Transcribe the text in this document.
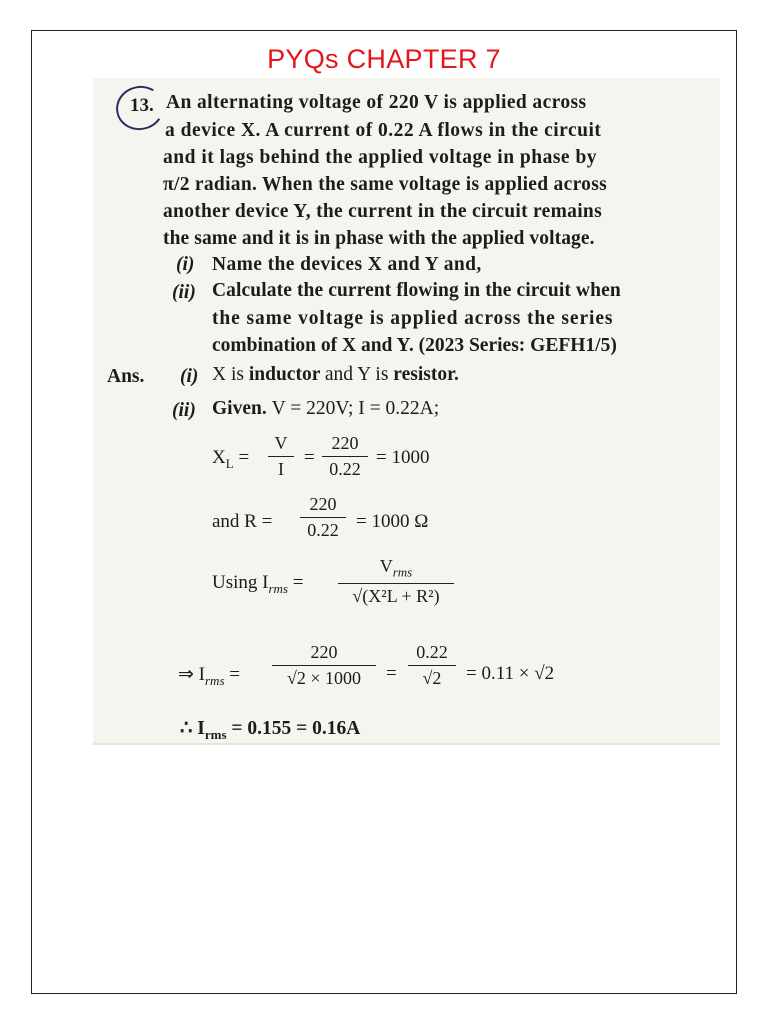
PYQs CHAPTER 7
13. An alternating voltage of 220 V is applied across
a device X. A current of 0.22 A flows in the circuit
and it lags behind the applied voltage in phase by
π/2 radian. When the same voltage is applied across
another device Y, the current in the circuit remains
the same and it is in phase with the applied voltage.
(i) Name the devices X and Y and,
(ii) Calculate the current flowing in the circuit when
the same voltage is applied across the series
combination of X and Y. (2023 Series: GEFH1/5)
Ans. (i) X is inductor and Y is resistor.
(ii) Given. V = 220V; I = 0.22A;
$X_L = \frac{V}{I} = \frac{220}{0.22} = 1000$
and $R = \frac{220}{0.22} = 1000$ Ω
Using $I_{rms}$ =
$V_{rms}$
√(X²L + R²)
⇒ $I_{rms} = \frac{220}{√2 \times 1000} = \frac{0.22}{√2} = 0.11 \times √2$
∴ $I_{rms} = 0.155 = 0.16A$
